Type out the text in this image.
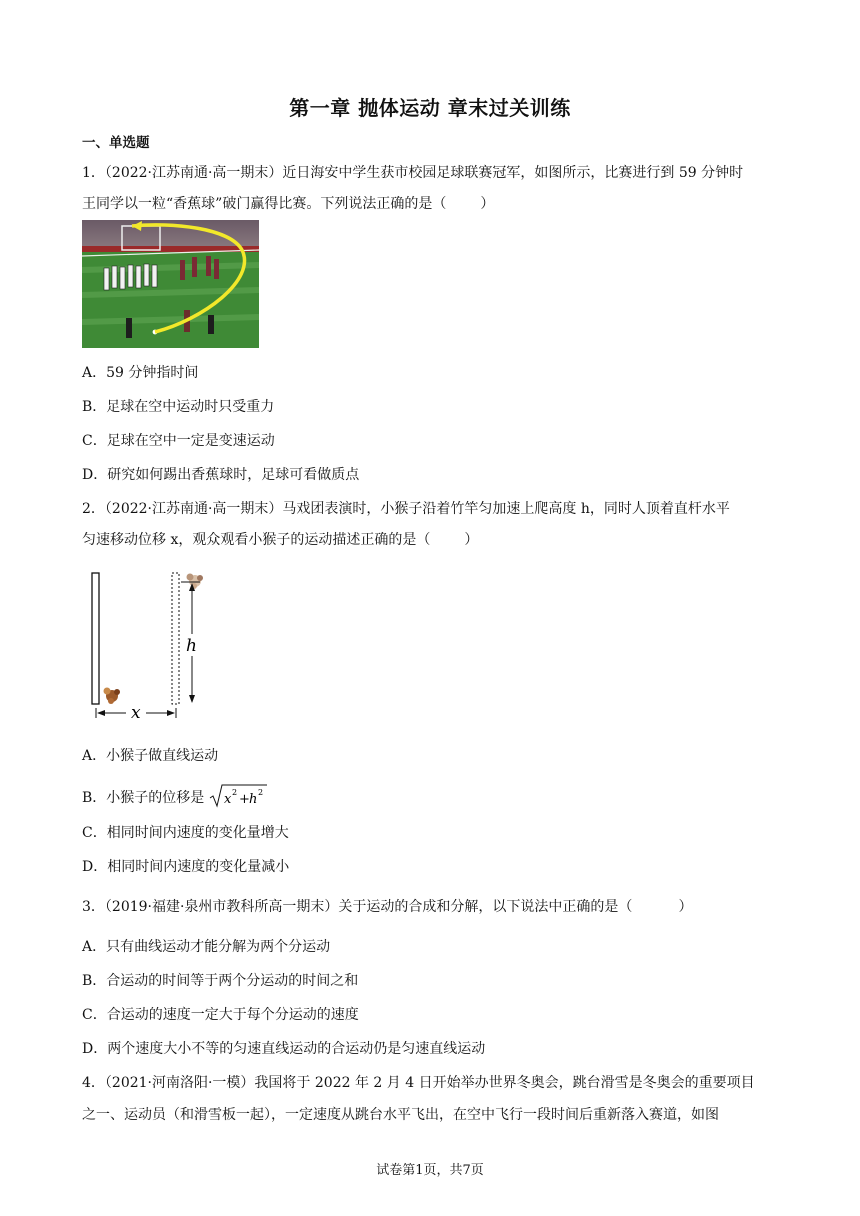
第一章 抛体运动 章末过关训练
一、单选题
1．（2022·江苏南通·高一期末）近日海安中学生获市校园足球联赛冠军，如图所示，比赛进行到 59 分钟时
王同学以一粒“香蕉球”破门赢得比赛。下列说法正确的是（ ）
A．59 分钟指时间
B．足球在空中运动时只受重力
C．足球在空中一定是变速运动
D．研究如何踢出香蕉球时，足球可看做质点
2．（2022·江苏南通·高一期末）马戏团表演时，小猴子沿着竹竿匀加速上爬高度 h，同时人顶着直杆水平
匀速移动位移 x，观众观看小猴子的运动描述正确的是（ ）
h
x
A．小猴子做直线运动
B．小猴子的位移是 x 2 + h 2
C．相同时间内速度的变化量增大
D．相同时间内速度的变化量减小
3．（2019·福建·泉州市教科所高一期末）关于运动的合成和分解，以下说法中正确的是（	）
A．只有曲线运动才能分解为两个分运动
B．合运动的时间等于两个分运动的时间之和
C．合运动的速度一定大于每个分运动的速度
D．两个速度大小不等的匀速直线运动的合运动仍是匀速直线运动
4．（2021·河南洛阳·一模）我国将于 2022 年 2 月 4 日开始举办世界冬奥会，跳台滑雪是冬奥会的重要项目
之一、运动员（和滑雪板一起），一定速度从跳台水平飞出，在空中飞行一段时间后重新落入赛道，如图
试卷第1页，共7页
